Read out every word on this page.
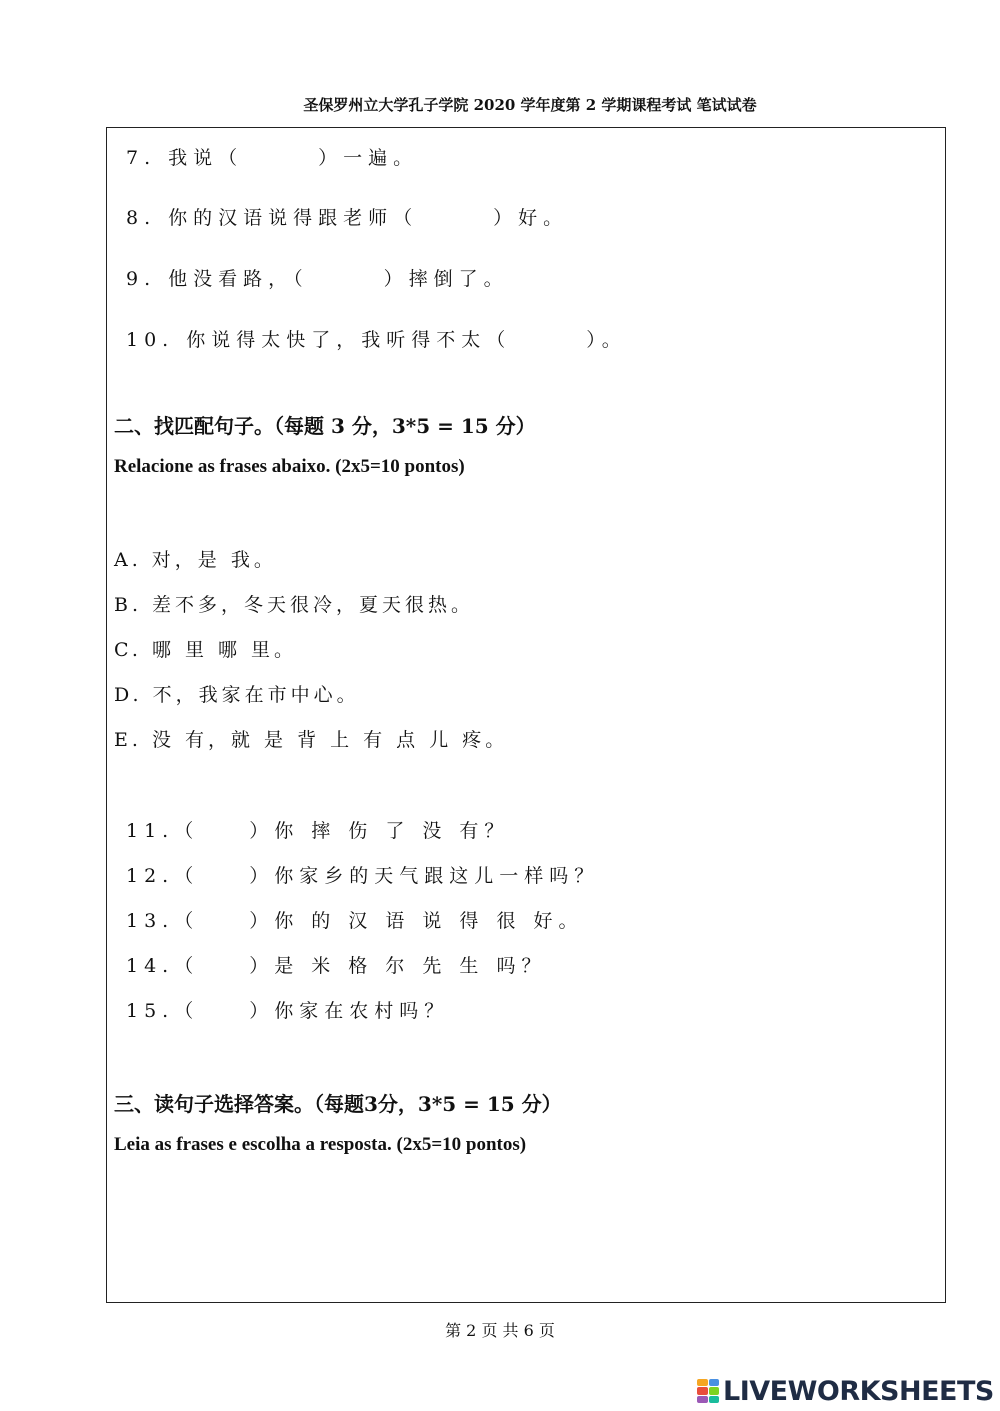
圣保罗州立大学孔子学院 2020 学年度第 2 学期课程考试 笔试试卷
7. 我说（　　　）一遍。
8. 你的汉语说得跟老师（　　　）好。
9. 他没看路，（　　　）摔倒了。
10. 你说得太快了，我听得不太（　　　）。
二、找匹配句子。（每题 3 分，3*5 = 15 分）
Relacione as frases abaixo. (2x5=10 pontos)
A. 对，是 我。
B. 差不多，冬天很冷，夏天很热。
C. 哪 里 哪 里。
D. 不，我家在市中心。
E. 没 有，就 是 背 上 有 点 儿 疼。
11.（　　）你 摔 伤 了 没 有？
12.（　　）你家乡的天气跟这儿一样吗？
13.（　　）你 的 汉 语 说 得 很 好。
14.（　　）是 米 格 尔 先 生 吗？
15.（　　）你家在农村吗？
三、读句子选择答案。（每题3分，3*5 = 15 分）
Leia as frases e escolha a resposta. (2x5=10 pontos)
第 2 页 共 6 页
LIVEWORKSHEETS
